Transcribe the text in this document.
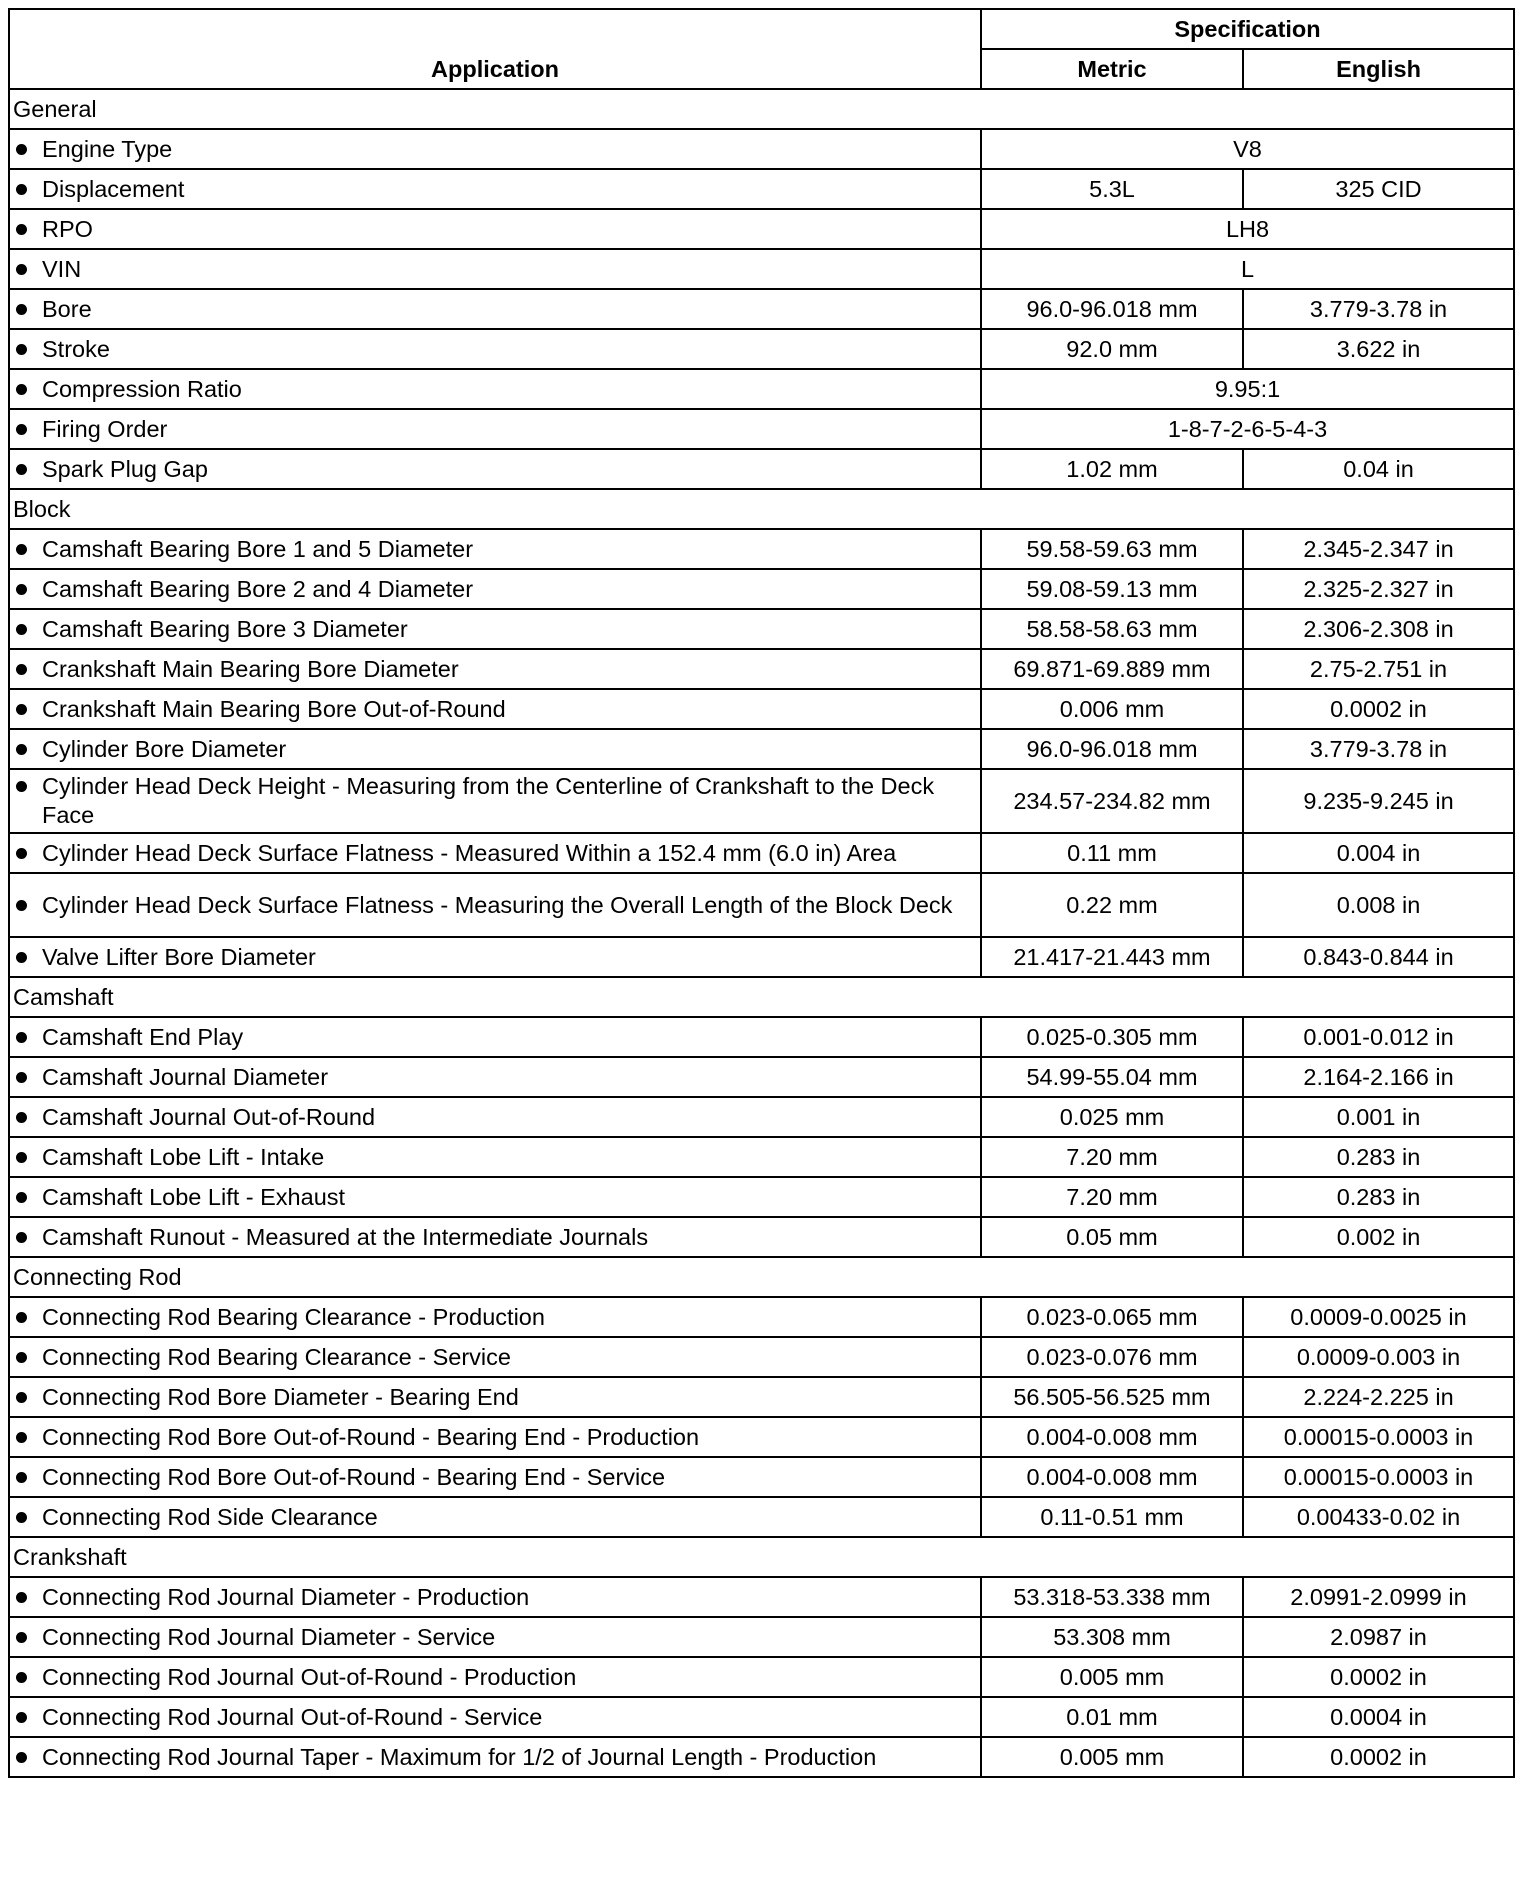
Application	Specification	
	Metric	English
General		

Engine Type	V8	

Displacement	5.3L	325 CID

RPO	LH8	

VIN	L	

Bore	96.0-96.018 mm	3.779-3.78 in

Stroke	92.0 mm	3.622 in

Compression Ratio	9.95:1	

Firing Order	1-8-7-2-6-5-4-3	

Spark Plug Gap	1.02 mm	0.04 in
Block		

Camshaft Bearing Bore 1 and 5 Diameter	59.58-59.63 mm	2.345-2.347 in

Camshaft Bearing Bore 2 and 4 Diameter	59.08-59.13 mm	2.325-2.327 in

Camshaft Bearing Bore 3 Diameter	58.58-58.63 mm	2.306-2.308 in

Crankshaft Main Bearing Bore Diameter	69.871-69.889 mm	2.75-2.751 in

Crankshaft Main Bearing Bore Out-of-Round	0.006 mm	0.0002 in

Cylinder Bore Diameter	96.0-96.018 mm	3.779-3.78 in

Cylinder Head Deck Height - Measuring from the Centerline of Crankshaft to the Deck Face	234.57-234.82 mm	9.235-9.245 in

Cylinder Head Deck Surface Flatness - Measured Within a 152.4 mm (6.0 in) Area	0.11 mm	0.004 in

Cylinder Head Deck Surface Flatness - Measuring the Overall Length of the Block Deck	0.22 mm	0.008 in

Valve Lifter Bore Diameter	21.417-21.443 mm	0.843-0.844 in
Camshaft		

Camshaft End Play	0.025-0.305 mm	0.001-0.012 in

Camshaft Journal Diameter	54.99-55.04 mm	2.164-2.166 in

Camshaft Journal Out-of-Round	0.025 mm	0.001 in

Camshaft Lobe Lift - Intake	7.20 mm	0.283 in

Camshaft Lobe Lift - Exhaust	7.20 mm	0.283 in

Camshaft Runout - Measured at the Intermediate Journals	0.05 mm	0.002 in
Connecting Rod		

Connecting Rod Bearing Clearance - Production	0.023-0.065 mm	0.0009-0.0025 in

Connecting Rod Bearing Clearance - Service	0.023-0.076 mm	0.0009-0.003 in

Connecting Rod Bore Diameter - Bearing End	56.505-56.525 mm	2.224-2.225 in

Connecting Rod Bore Out-of-Round - Bearing End - Production	0.004-0.008 mm	0.00015-0.0003 in

Connecting Rod Bore Out-of-Round - Bearing End - Service	0.004-0.008 mm	0.00015-0.0003 in

Connecting Rod Side Clearance	0.11-0.51 mm	0.00433-0.02 in
Crankshaft		

Connecting Rod Journal Diameter - Production	53.318-53.338 mm	2.0991-2.0999 in

Connecting Rod Journal Diameter - Service	53.308 mm	2.0987 in

Connecting Rod Journal Out-of-Round - Production	0.005 mm	0.0002 in

Connecting Rod Journal Out-of-Round - Service	0.01 mm	0.0004 in

Connecting Rod Journal Taper - Maximum for 1/2 of Journal Length - Production	0.005 mm	0.0002 in
